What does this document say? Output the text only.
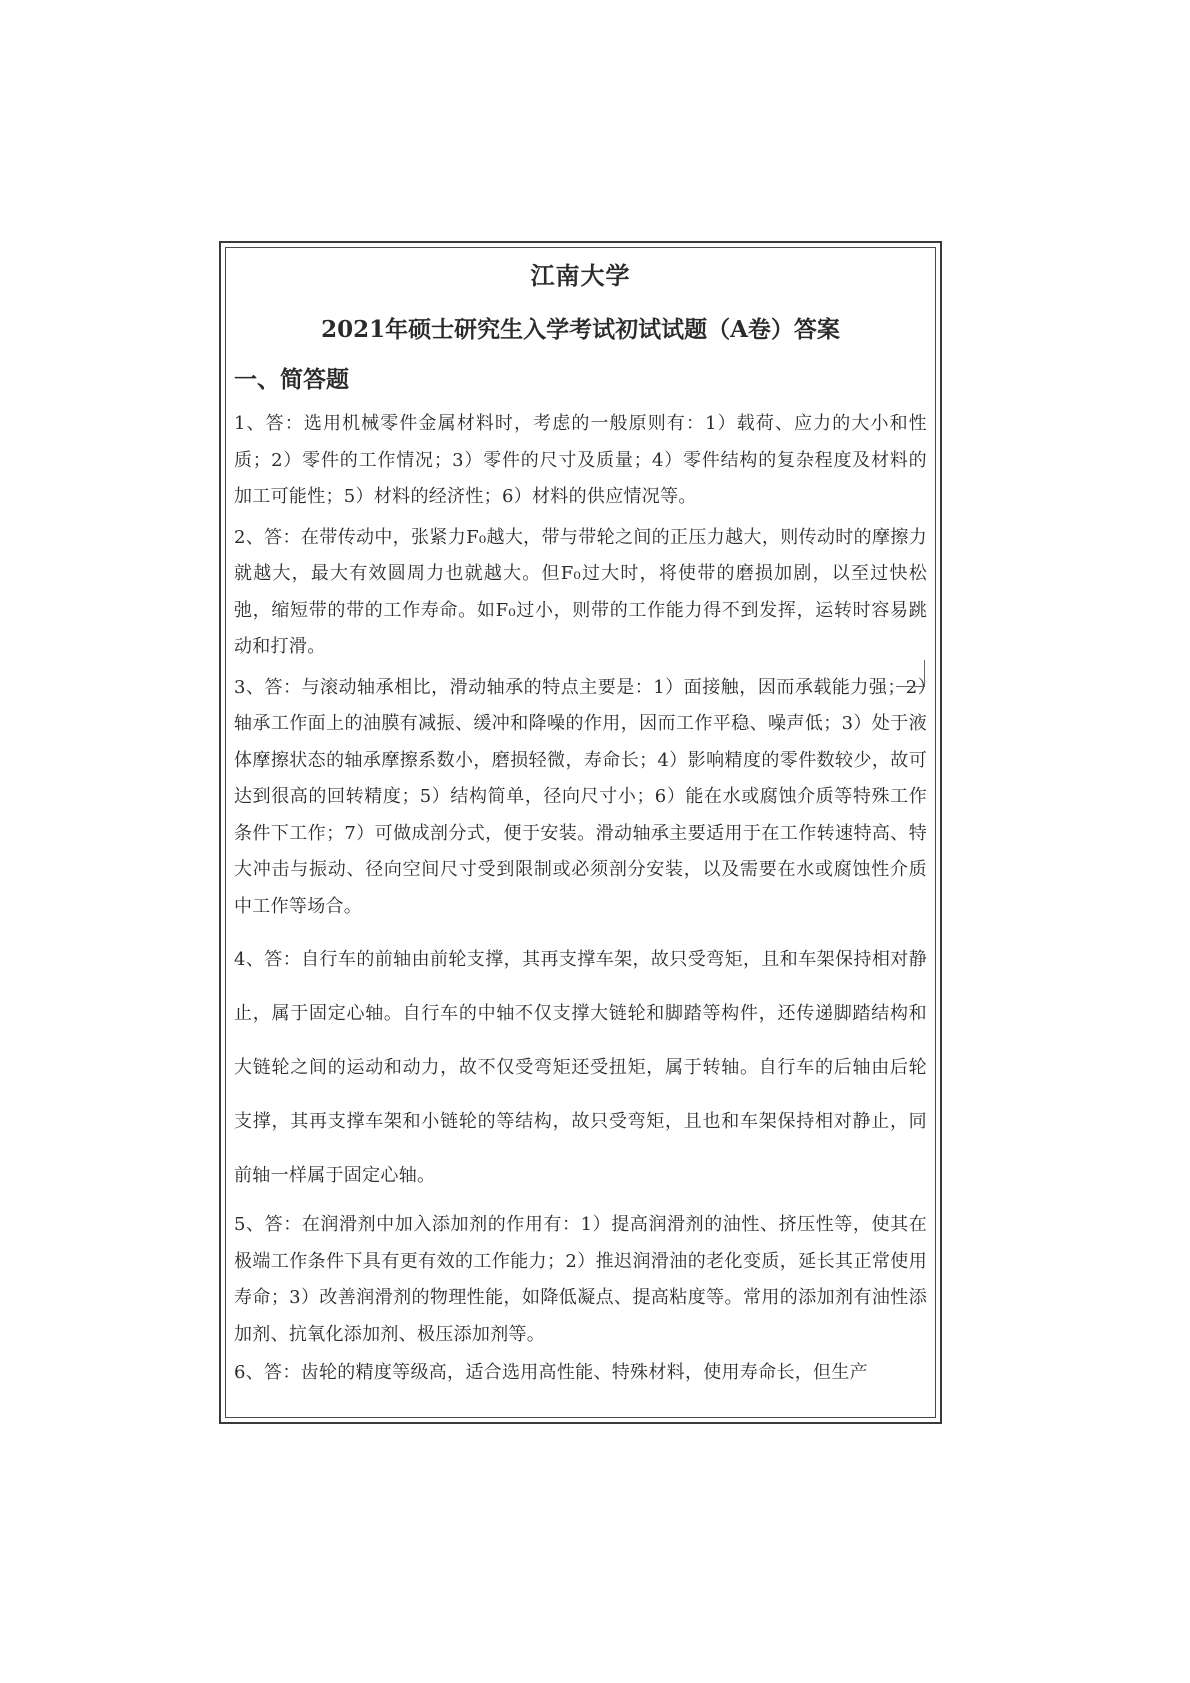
江南大学
2021年硕士研究生入学考试初试试题（A卷）答案
一、简答题

1、答：选用机械零件金属材料时，考虑的一般原则有：1）载荷、应力的大小和性质；2）零件的工作情况；3）零件的尺寸及质量；4）零件结构的复杂程度及材料的加工可能性；5）材料的经济性；6）材料的供应情况等。

2、答：在带传动中，张紧力F₀越大，带与带轮之间的正压力越大，则传动时的摩擦力就越大，最大有效圆周力也就越大。但F₀过大时，将使带的磨损加剧，以至过快松弛，缩短带的带的工作寿命。如F₀过小，则带的工作能力得不到发挥，运转时容易跳动和打滑。

3、答：与滚动轴承相比，滑动轴承的特点主要是：1）面接触，因而承载能力强；2）轴承工作面上的油膜有减振、缓冲和降噪的作用，因而工作平稳、噪声低；3）处于液体摩擦状态的轴承摩擦系数小，磨损轻微，寿命长；4）影响精度的零件数较少，故可达到很高的回转精度；5）结构简单，径向尺寸小；6）能在水或腐蚀介质等特殊工作条件下工作；7）可做成剖分式，便于安装。滑动轴承主要适用于在工作转速特高、特大冲击与振动、径向空间尺寸受到限制或必须剖分安装，以及需要在水或腐蚀性介质中工作等场合。

4、答：自行车的前轴由前轮支撑，其再支撑车架，故只受弯矩，且和车架保持相对静止，属于固定心轴。自行车的中轴不仅支撑大链轮和脚踏等构件，还传递脚踏结构和大链轮之间的运动和动力，故不仅受弯矩还受扭矩，属于转轴。自行车的后轴由后轮支撑，其再支撑车架和小链轮的等结构，故只受弯矩，且也和车架保持相对静止，同前轴一样属于固定心轴。

5、答：在润滑剂中加入添加剂的作用有：1）提高润滑剂的油性、挤压性等，使其在极端工作条件下具有更有效的工作能力；2）推迟润滑油的老化变质，延长其正常使用寿命；3）改善润滑剂的物理性能，如降低凝点、提高粘度等。常用的添加剂有油性添加剂、抗氧化添加剂、极压添加剂等。

6、答：齿轮的精度等级高，适合选用高性能、特殊材料，使用寿命长，但生产
